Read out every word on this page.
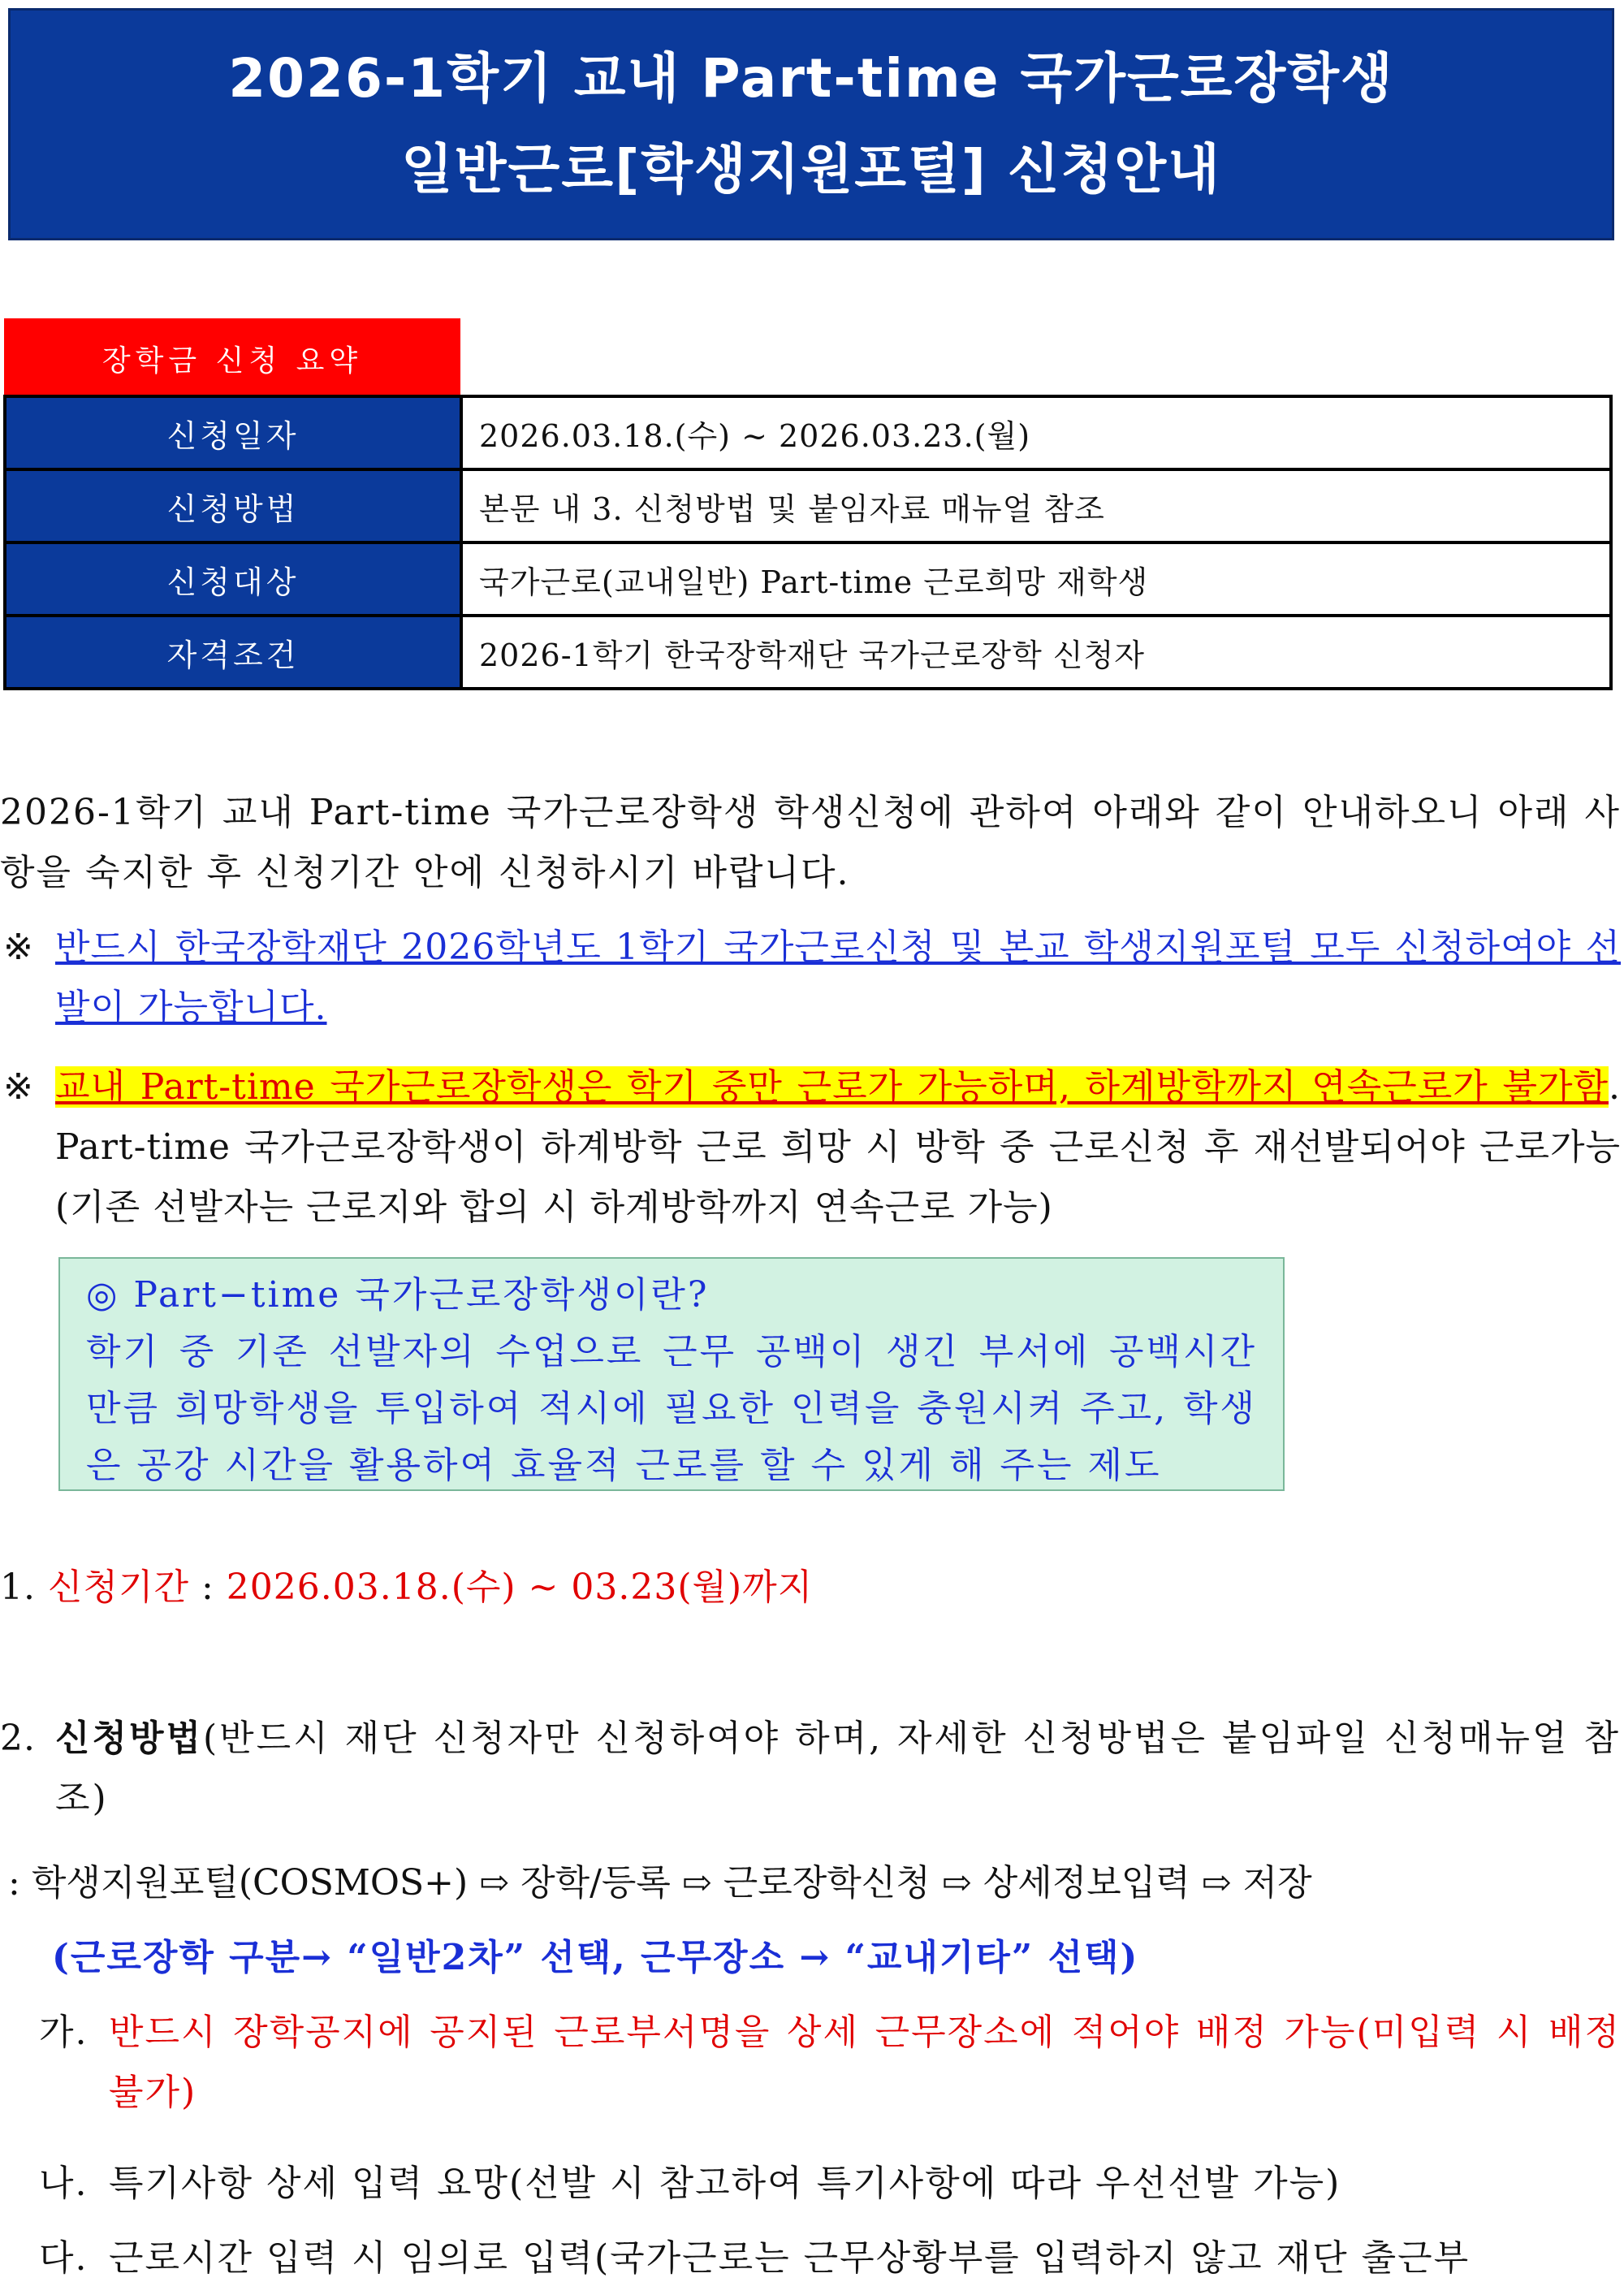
2026-1학기 교내 Part-time 국가근로장학생
일반근로[학생지원포털] 신청안내
장학금 신청 요약
신청일자	2026.03.18.(수) ~ 2026.03.23.(월)
신청방법	본문 내 3. 신청방법 및 붙임자료 매뉴얼 참조
신청대상	국가근로(교내일반) Part-time 근로희망 재학생
자격조건	2026-1학기 한국장학재단 국가근로장학 신청자
2026-1학기 교내 Part-time 국가근로장학생 학생신청에 관하여 아래와 같이 안내하오니 아래 사항을 숙지한 후 신청기간 안에 신청하시기 바랍니다.
※ 반드시 한국장학재단 2026학년도 1학기 국가근로신청 및 본교 학생지원포털 모두 신청하여야 선발이 가능합니다.
※ 교내 Part-time 국가근로장학생은 학기 중만 근로가 가능하며, 하계방학까지 연속근로가 불가함. Part-time 국가근로장학생이 하계방학 근로 희망 시 방학 중 근로신청 후 재선발되어야 근로가능(기존 선발자는 근로지와 합의 시 하계방학까지 연속근로 가능)
◎ Part−time 국가근로장학생이란?
학기 중 기존 선발자의 수업으로 근무 공백이 생긴 부서에 공백시간 만큼 희망학생을 투입하여 적시에 필요한 인력을 충원시켜 주고, 학생은 공강 시간을 활용하여 효율적 근로를 할 수 있게 해 주는 제도
1. 신청기간 : 2026.03.18.(수) ~ 03.23(월)까지
2. 신청방법(반드시 재단 신청자만 신청하여야 하며, 자세한 신청방법은 붙임파일 신청매뉴얼 참조)
: 학생지원포털(COSMOS+) ⇨ 장학/등록 ⇨ 근로장학신청 ⇨ 상세정보입력 ⇨ 저장
(근로장학 구분→ “일반2차” 선택, 근무장소 → “교내기타” 선택)
가. 반드시 장학공지에 공지된 근로부서명을 상세 근무장소에 적어야 배정 가능(미입력 시 배정 불가)
나. 특기사항 상세 입력 요망(선발 시 참고하여 특기사항에 따라 우선선발 가능)
다. 근로시간 입력 시 임의로 입력(국가근로는 근무상황부를 입력하지 않고 재단 출근부
